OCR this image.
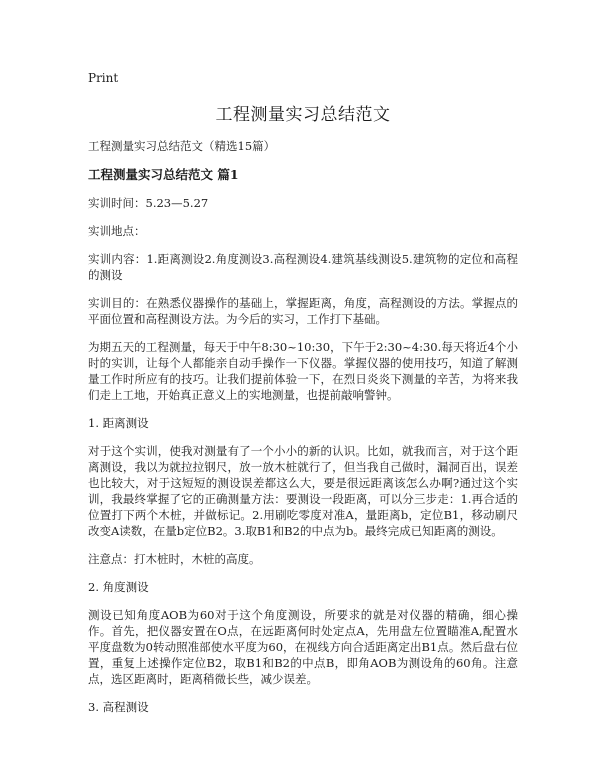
Print
工程测量实习总结范文
工程测量实习总结范文（精选15篇）
工程测量实习总结范文 篇1
实训时间：5.23—5.27
实训地点：
实训内容：1.距离测设2.角度测设3.高程测设4.建筑基线测设5.建筑物的定位和高程的测设
实训目的：在熟悉仪器操作的基础上，掌握距离，角度，高程测设的方法。掌握点的平面位置和高程测设方法。为今后的实习，工作打下基础。
为期五天的工程测量，每天于中午8:30~10:30，下午于2:30~4:30.每天将近4个小时的实训，让每个人都能亲自动手操作一下仪器。掌握仪器的使用技巧，知道了解测量工作时所应有的技巧。让我们提前体验一下，在烈日炎炎下测量的辛苦，为将来我们走上工地，开始真正意义上的实地测量，也提前敲响警钟。
1. 距离测设
对于这个实训，使我对测量有了一个小小的新的认识。比如，就我而言，对于这个距离测设，我以为就拉拉钢尺，放一放木桩就行了，但当我自己做时，漏洞百出，误差也比较大，对于这短短的测设误差都这么大，要是很远距离该怎么办啊?通过这个实训，我最终掌握了它的正确测量方法：要测设一段距离，可以分三步走：1.再合适的位置打下两个木桩，并做标记。2.用刷吃零度对准A，量距离b，定位B1，移动刷尺改变A读数，在量b定位B2。3.取B1和B2的中点为b。最终完成已知距离的测设。
注意点：打木桩时，木桩的高度。
2. 角度测设
测设已知角度AOB为60对于这个角度测设，所要求的就是对仪器的精确，细心操作。首先，把仪器安置在O点，在远距离何时处定点A，先用盘左位置瞄准A,配置水平度盘数为0转动照准部使水平度为60，在视线方向合适距离定出B1点。然后盘右位置，重复上述操作定位B2，取B1和B2的中点B，即角AOB为测设角的60角。注意点，选区距离时，距离稍微长些，减少误差。
3. 高程测设
